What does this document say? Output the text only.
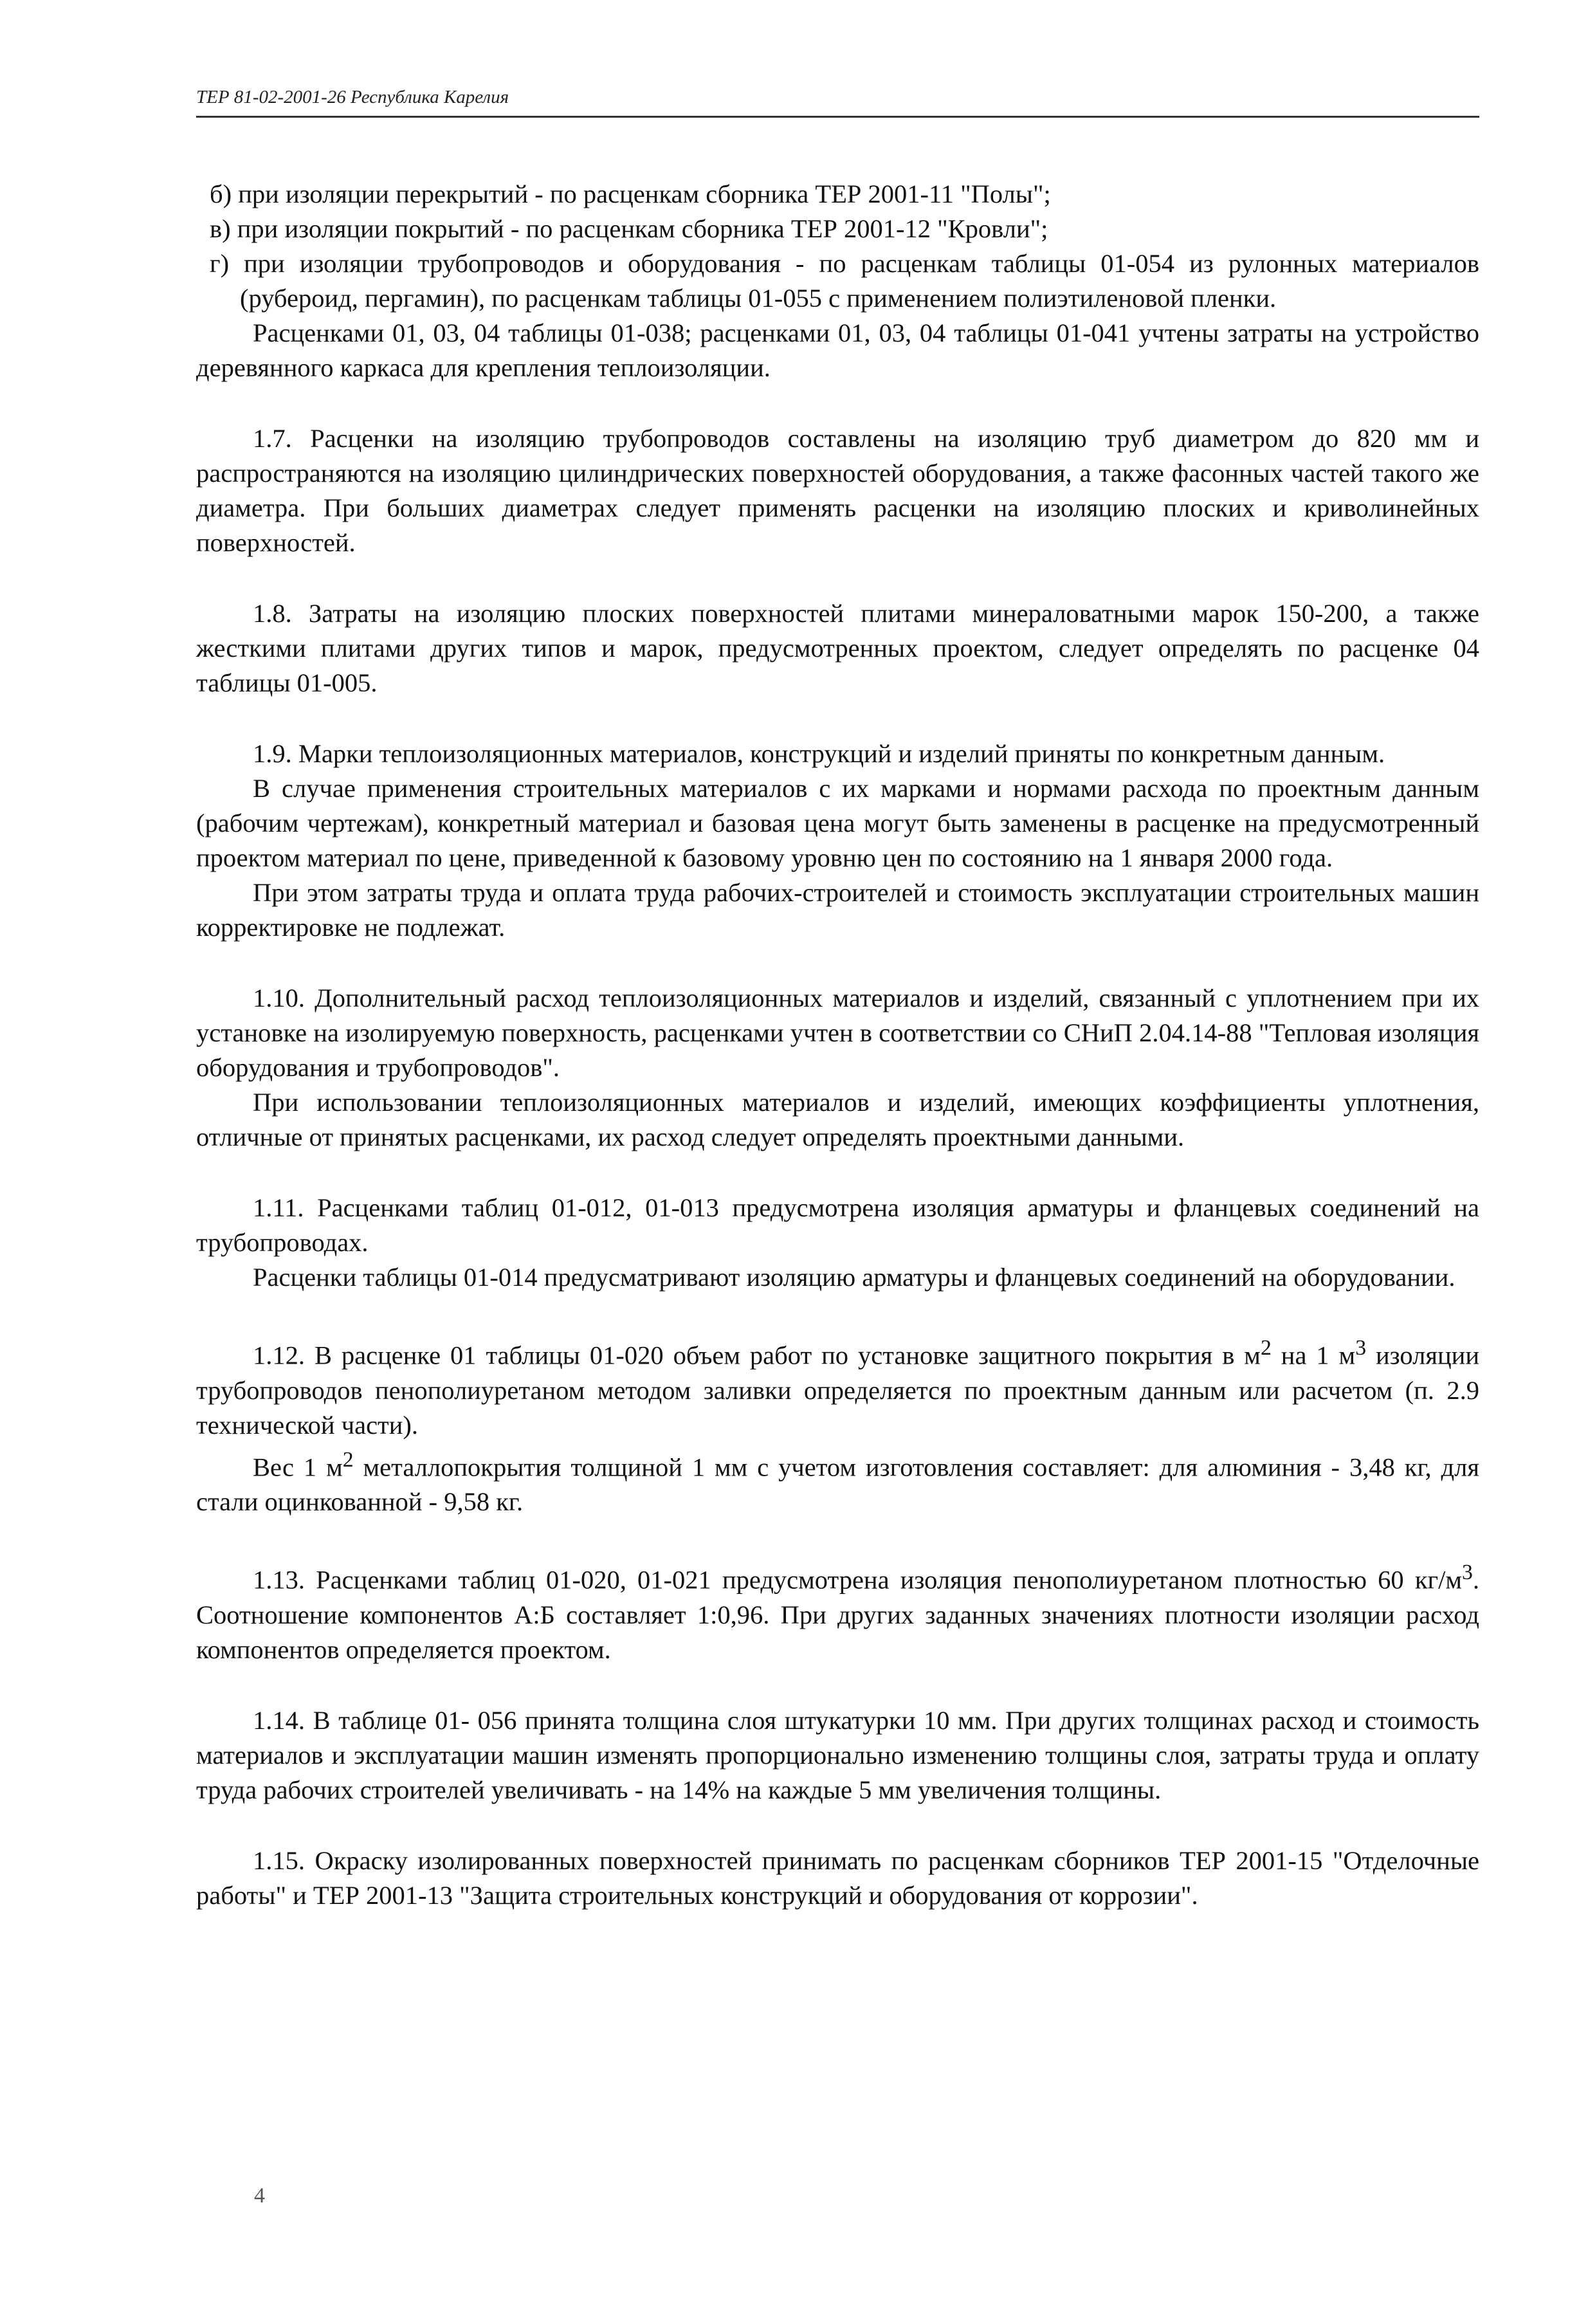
ТЕР 81-02-2001-26 Республика Карелия

б) при изоляции перекрытий - по расценкам сборника ТЕР 2001-11 "Полы";

в) при изоляции покрытий - по расценкам сборника ТЕР 2001-12 "Кровли";

г) при изоляции трубопроводов и оборудования - по расценкам таблицы 01-054 из рулонных материалов (рубероид, пергамин), по расценкам таблицы 01-055 с применением полиэтиленовой пленки.

Расценками 01, 03, 04 таблицы 01-038; расценками 01, 03, 04 таблицы 01-041 учтены затраты на устройство деревянного каркаса для крепления теплоизоляции.

1.7. Расценки на изоляцию трубопроводов составлены на изоляцию труб диаметром до 820 мм и распространяются на изоляцию цилиндрических поверхностей оборудования, а также фасонных частей такого же диаметра. При больших диаметрах следует применять расценки на изоляцию плоских и криволинейных поверхностей.

1.8. Затраты на изоляцию плоских поверхностей плитами минераловатными марок 150-200, а также жесткими плитами других типов и марок, предусмотренных проектом, следует определять по расценке 04 таблицы 01-005.

1.9. Марки теплоизоляционных материалов, конструкций и изделий приняты по конкретным данным.

В случае применения строительных материалов с их марками и нормами расхода по проектным данным (рабочим чертежам), конкретный материал и базовая цена могут быть заменены в расценке на предусмотренный проектом материал по цене, приведенной к базовому уровню цен по состоянию на 1 января 2000 года.

При этом затраты труда и оплата труда рабочих-строителей и стоимость эксплуатации строительных машин корректировке не подлежат.

1.10. Дополнительный расход теплоизоляционных материалов и изделий, связанный с уплотнением при их установке на изолируемую поверхность, расценками учтен в соответствии со СНиП 2.04.14-88 "Тепловая изоляция оборудования и трубопроводов".

При использовании теплоизоляционных материалов и изделий, имеющих коэффициенты уплотнения, отличные от принятых расценками, их расход следует определять проектными данными.

1.11. Расценками таблиц 01-012, 01-013 предусмотрена изоляция арматуры и фланцевых соединений на трубопроводах.

Расценки таблицы 01-014 предусматривают изоляцию арматуры и фланцевых соединений на оборудовании.

1.12. В расценке 01 таблицы 01-020 объем работ по установке защитного покрытия в $м^2$ на 1 $м^3$ изоляции трубопроводов пенополиуретаном методом заливки определяется по проектным данным или расчетом (п. 2.9 технической части).

Вес 1 $м^2$ металлопокрытия толщиной 1 мм с учетом изготовления составляет: для алюминия - 3,48 кг, для стали оцинкованной - 9,58 кг.

1.13. Расценками таблиц 01-020, 01-021 предусмотрена изоляция пенополиуретаном плотностью 60 $кг/м^3$. Соотношение компонентов А:Б составляет 1:0,96. При других заданных значениях плотности изоляции расход компонентов определяется проектом.

1.14. В таблице 01- 056 принята толщина слоя штукатурки 10 мм. При других толщинах расход и стоимость материалов и эксплуатации машин изменять пропорционально изменению толщины слоя, затраты труда и оплату труда рабочих строителей увеличивать - на 14% на каждые 5 мм увеличения толщины.

1.15. Окраску изолированных поверхностей принимать по расценкам сборников ТЕР 2001-15 "Отделочные работы" и ТЕР 2001-13 "Защита строительных конструкций и оборудования от коррозии".

4
